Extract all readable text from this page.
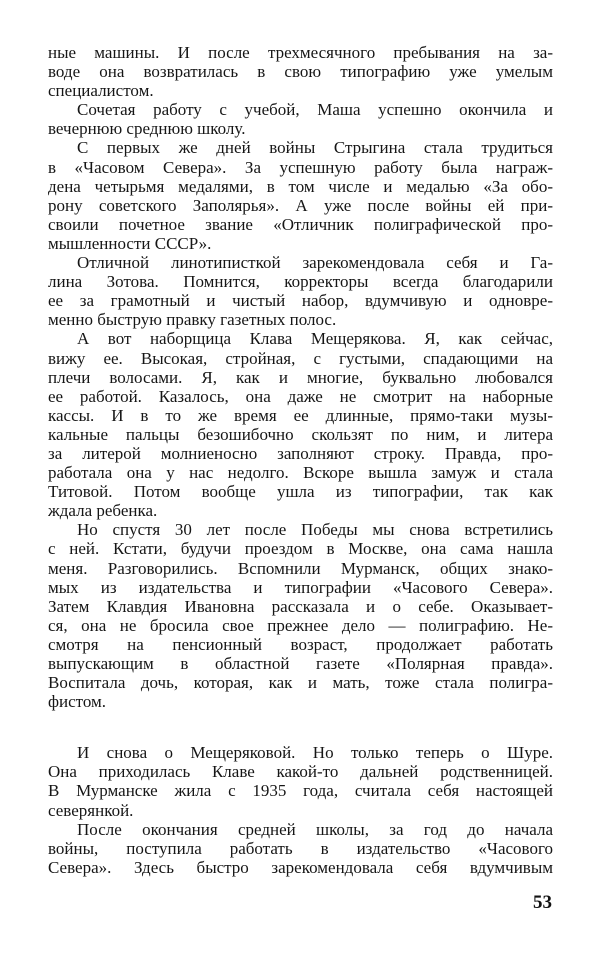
ные машины. И после трехмесячного пребывания на за-
воде она возвратилась в свою типографию уже умелым
специалистом.
Сочетая работу с учебой, Маша успешно окончила и
вечернюю среднюю школу.
С первых же дней войны Стрыгина стала трудиться
в «Часовом Севера». За успешную работу была награж-
дена четырьмя медалями, в том числе и медалью «За обо-
рону советского Заполярья». А уже после войны ей при-
своили почетное звание «Отличник полиграфической про-
мышленности СССР».
Отличной линотиписткой зарекомендовала себя и Га-
лина Зотова. Помнится, корректоры всегда благодарили
ее за грамотный и чистый набор, вдумчивую и одновре-
менно быструю правку газетных полос.
А вот наборщица Клава Мещерякова. Я, как сейчас,
вижу ее. Высокая, стройная, с густыми, спадающими на
плечи волосами. Я, как и многие, буквально любовался
ее работой. Казалось, она даже не смотрит на наборные
кассы. И в то же время ее длинные, прямо-таки музы-
кальные пальцы безошибочно скользят по ним, и литера
за литерой молниеносно заполняют строку. Правда, про-
работала она у нас недолго. Вскоре вышла замуж и стала
Титовой. Потом вообще ушла из типографии, так как
ждала ребенка.
Но спустя 30 лет после Победы мы снова встретились
с ней. Кстати, будучи проездом в Москве, она сама нашла
меня. Разговорились. Вспомнили Мурманск, общих знако-
мых из издательства и типографии «Часового Севера».
Затем Клавдия Ивановна рассказала и о себе. Оказывает-
ся, она не бросила свое прежнее дело — полиграфию. Не-
смотря на пенсионный возраст, продолжает работать
выпускающим в областной газете «Полярная правда».
Воспитала дочь, которая, как и мать, тоже стала полигра-
фистом.
И снова о Мещеряковой. Но только теперь о Шуре.
Она приходилась Клаве какой-то дальней родственницей.
В Мурманске жила с 1935 года, считала себя настоящей
северянкой.
После окончания средней школы, за год до начала
войны, поступила работать в издательство «Часового
Севера». Здесь быстро зарекомендовала себя вдумчивым
53
